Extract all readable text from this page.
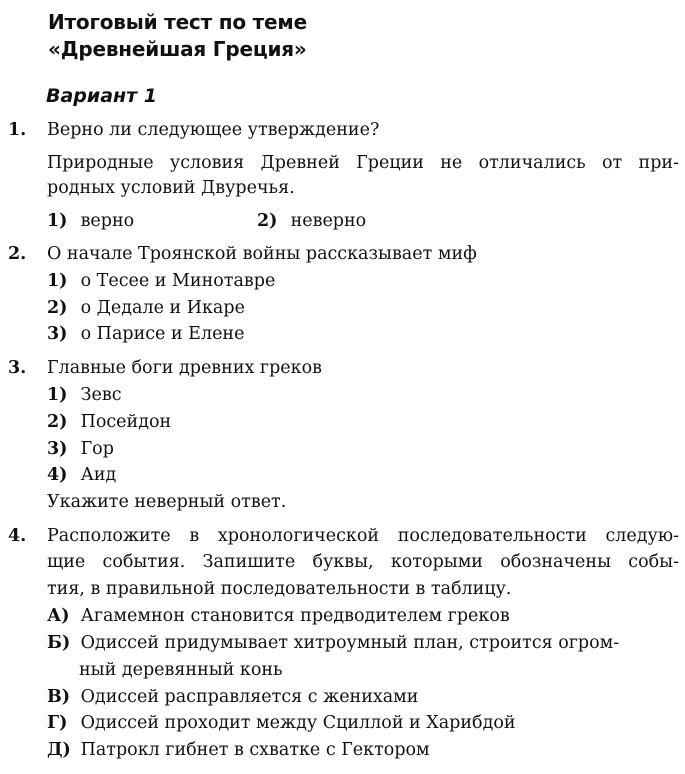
Итоговый тест по теме
«Древнейшая Греция»
Вариант 1
1. Верно ли следующее утверждение?
Природные условия Древней Греции не отличались от при-
родных условий Двуречья.
1) верно	2) неверно
2. О начале Троянской войны рассказывает миф
1) о Тесее и Минотавре
2) о Дедале и Икаре
3) о Парисе и Елене
3. Главные боги древних греков
1) Зевс
2) Посейдон
3) Гор
4) Аид
Укажите неверный ответ.
4. Расположите в хронологической последовательности следую-
щие события. Запишите буквы, которыми обозначены собы-
тия, в правильной последовательности в таблицу.
А) Агамемнон становится предводителем греков
Б) Одиссей придумывает хитроумный план, строится огром-
ный деревянный конь
В) Одиссей расправляется с женихами
Г) Одиссей проходит между Сциллой и Харибдой
Д) Патрокл гибнет в схватке с Гектором
